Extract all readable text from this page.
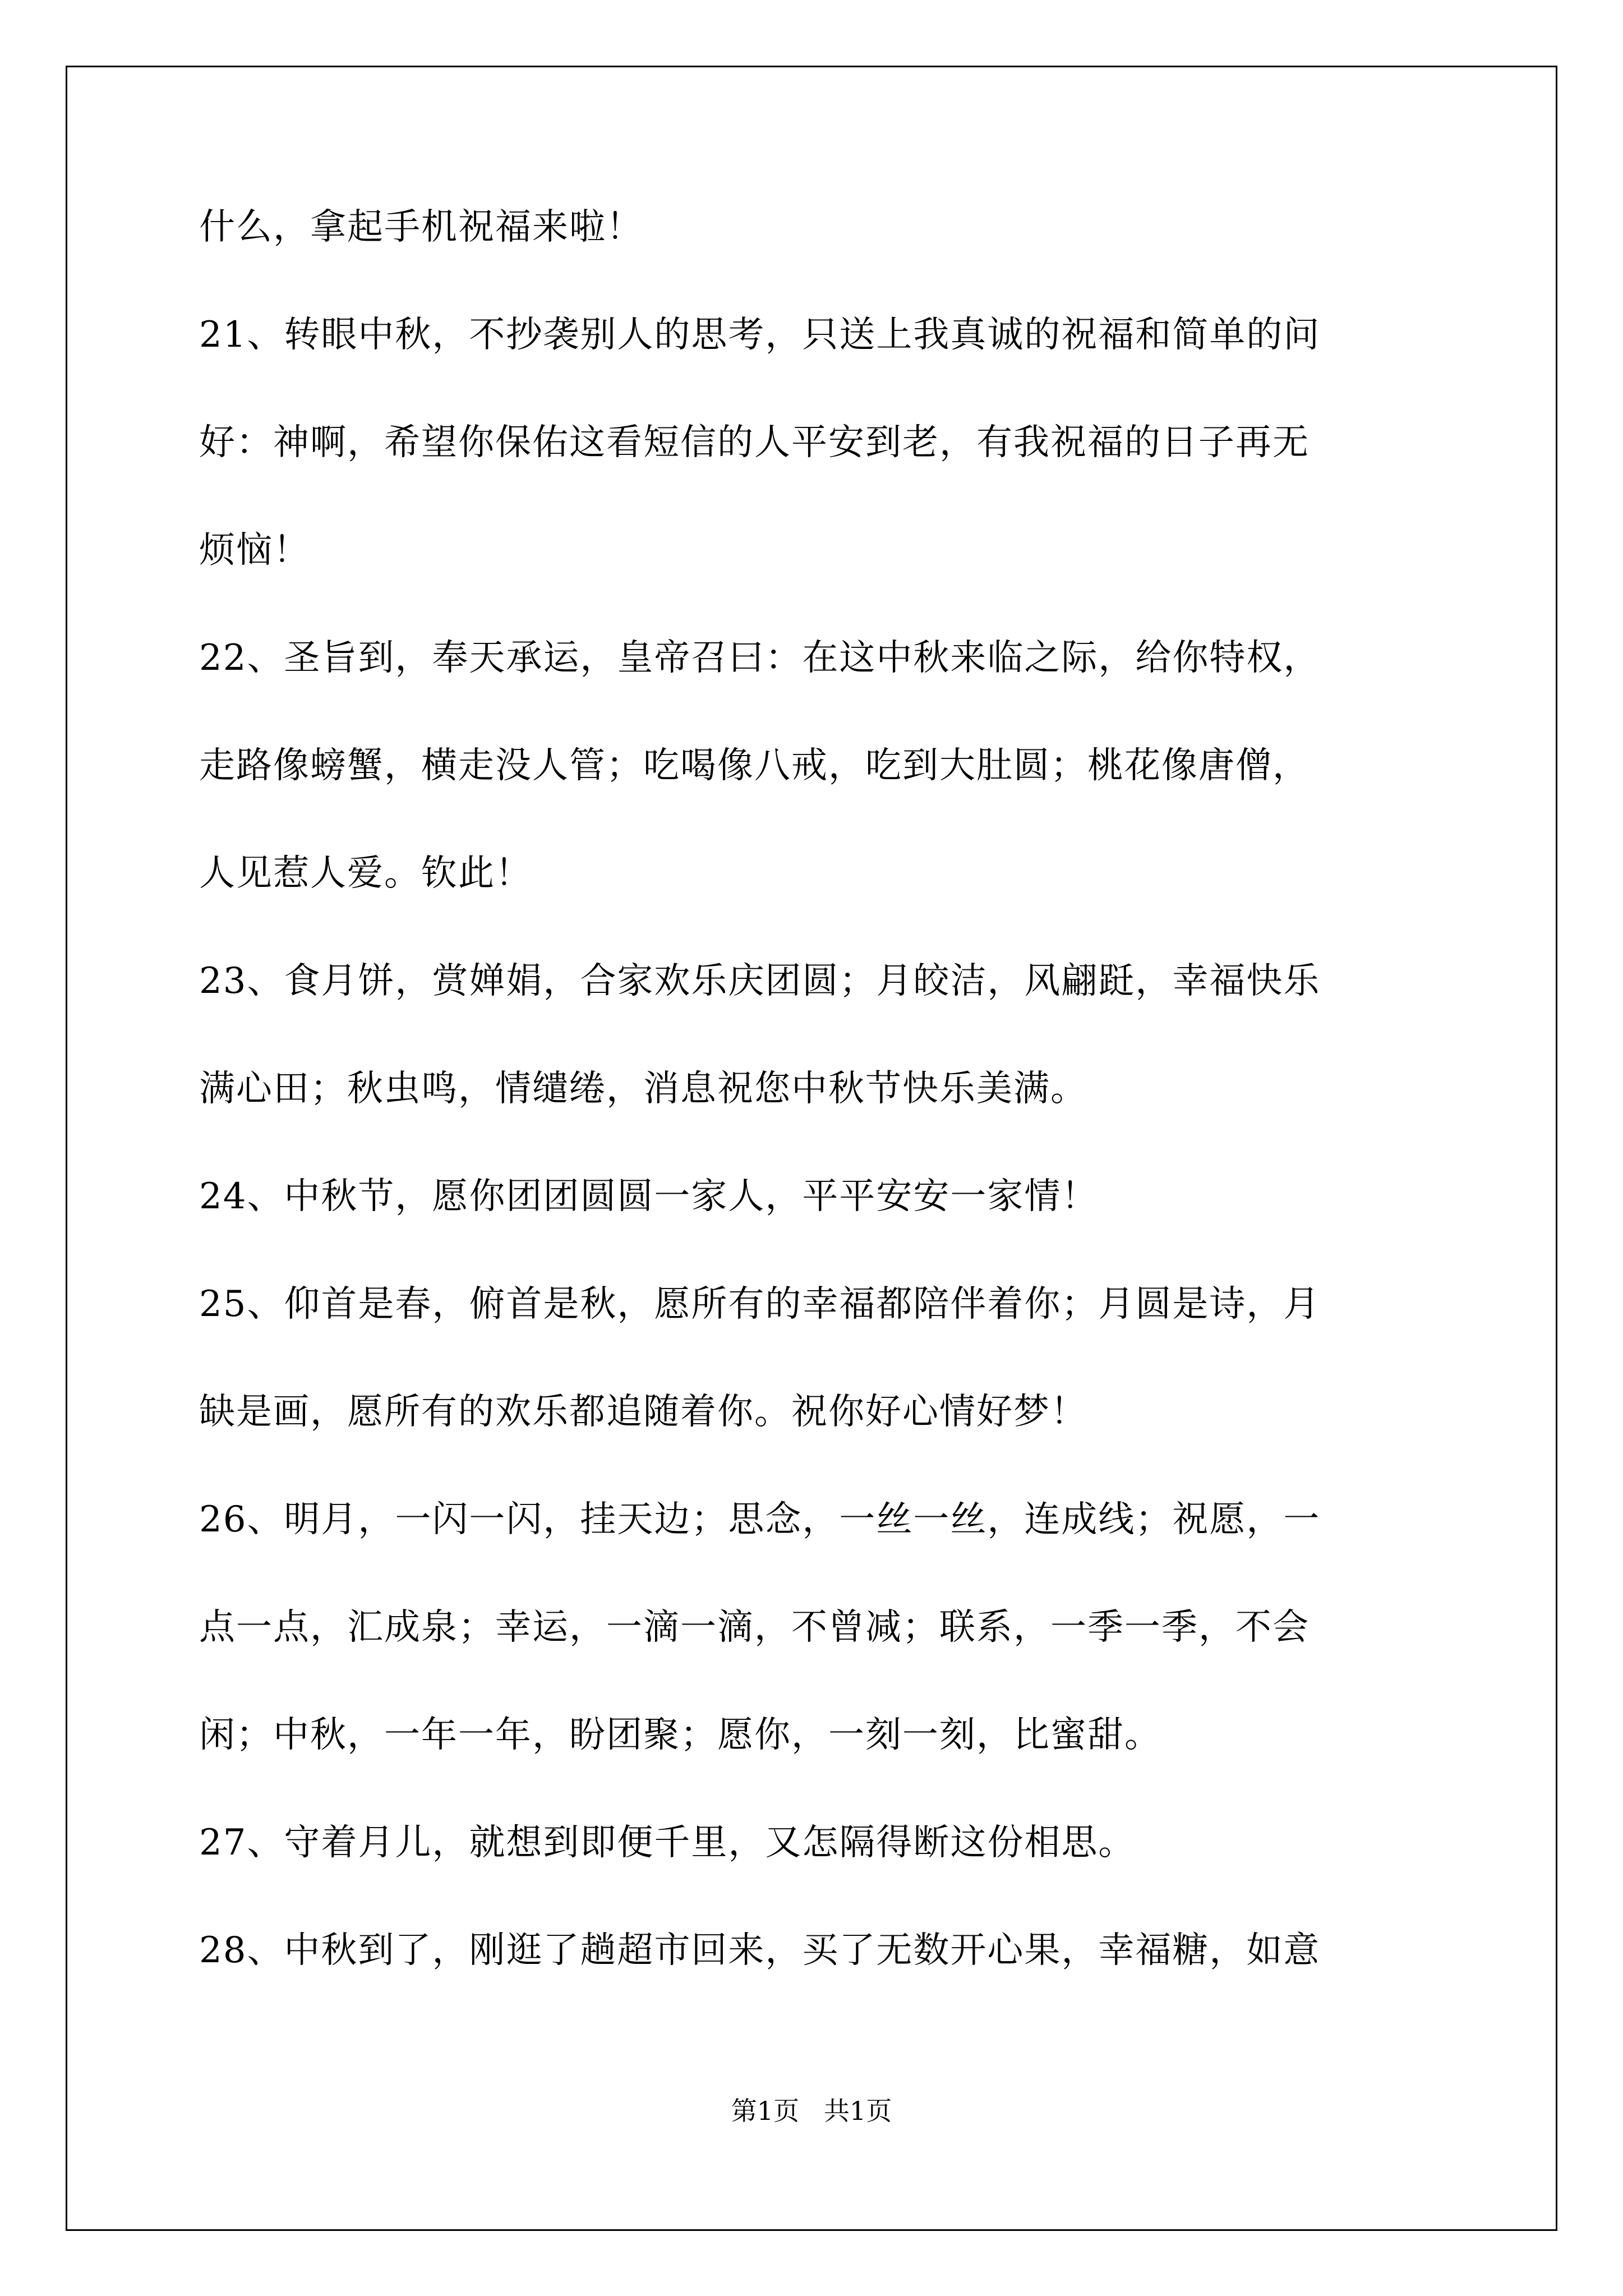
什么，拿起手机祝福来啦！
21、转眼中秋，不抄袭别人的思考，只送上我真诚的祝福和简单的问
好：神啊，希望你保佑这看短信的人平安到老，有我祝福的日子再无
烦恼！
22、圣旨到，奉天承运，皇帝召曰：在这中秋来临之际，给你特权，
走路像螃蟹，横走没人管；吃喝像八戒，吃到大肚圆；桃花像唐僧，
人见惹人爱。钦此！
23、食月饼，赏婵娟，合家欢乐庆团圆；月皎洁，风翩跹，幸福快乐
满心田；秋虫鸣，情缱绻，消息祝您中秋节快乐美满。
24、中秋节，愿你团团圆圆一家人，平平安安一家情！
25、仰首是春，俯首是秋，愿所有的幸福都陪伴着你；月圆是诗，月
缺是画，愿所有的欢乐都追随着你。祝你好心情好梦！
26、明月，一闪一闪，挂天边；思念，一丝一丝，连成线；祝愿，一
点一点，汇成泉；幸运，一滴一滴，不曾减；联系，一季一季，不会
闲；中秋，一年一年，盼团聚；愿你，一刻一刻，比蜜甜。
27、守着月儿，就想到即便千里，又怎隔得断这份相思。
28、中秋到了，刚逛了趟超市回来，买了无数开心果，幸福糖，如意
第1页   共1页
